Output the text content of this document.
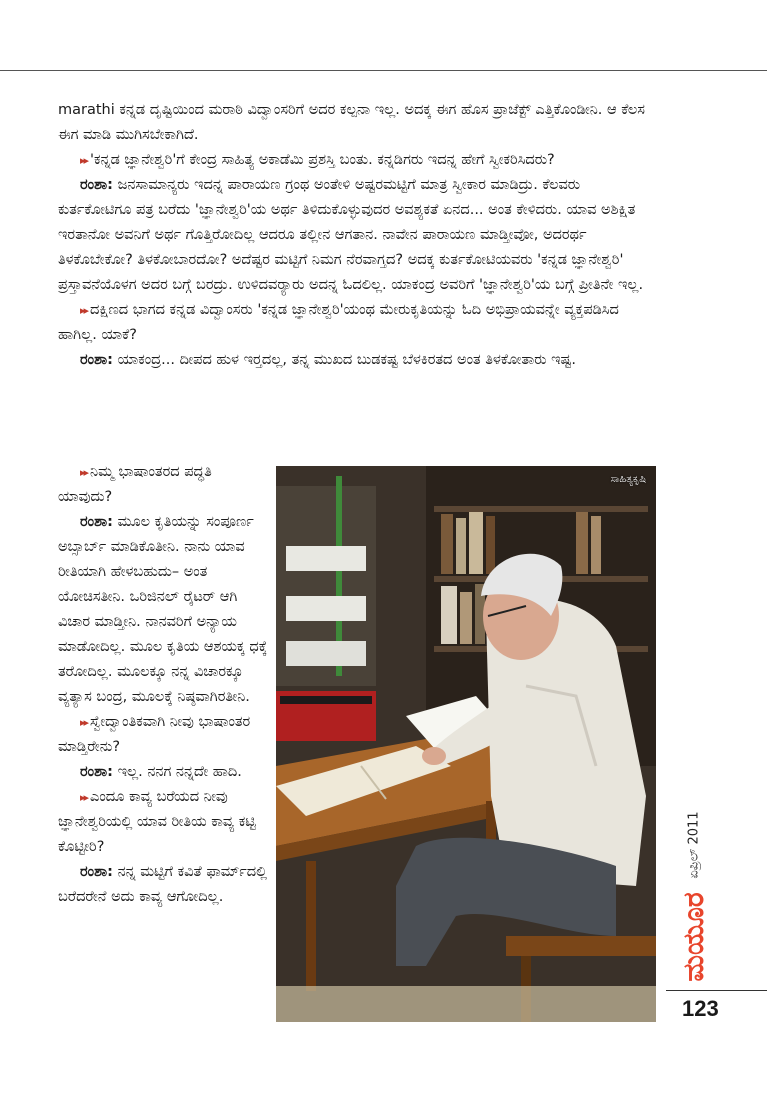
marathi ಕನ್ನಡ ದೃಷ್ಟಿಯಿಂದ ಮರಾಠಿ ವಿದ್ವಾಂಸರಿಗೆ ಅದರ ಕಲ್ಪನಾ ಇಲ್ಲ. ಅದಕ್ಕ ಈಗ ಹೊಸ ಪ್ರಾಜೆಕ್ಟ್ ಎತ್ತಿಕೊಂಡೀನಿ. ಆ ಕೆಲಸ ಈಗ ಮಾಡಿ ಮುಗಿಸಬೇಕಾಗಿದೆ.

▸▸ 'ಕನ್ನಡ ಜ್ಞಾನೇಶ್ವರಿ'ಗೆ ಕೇಂದ್ರ ಸಾಹಿತ್ಯ ಅಕಾಡೆಮಿ ಪ್ರಶಸ್ತಿ ಬಂತು. ಕನ್ನಡಿಗರು ಇದನ್ನ ಹೇಗೆ ಸ್ವೀಕರಿಸಿದರು?

ರಂಶಾ: ಜನಸಾಮಾನ್ಯರು ಇದನ್ನ ಪಾರಾಯಣ ಗ್ರಂಥ ಅಂತೇಳಿ ಅಷ್ಟರಮಟ್ಟಿಗೆ ಮಾತ್ರ ಸ್ವೀಕಾರ ಮಾಡಿದ್ರು. ಕೆಲವರು ಕುರ್ತಕೋಟಿಗೂ ಪತ್ರ ಬರೆದು 'ಜ್ಞಾನೇಶ್ವರಿ'ಯ ಅರ್ಥ ತಿಳಿದುಕೊಳ್ಳುವುದರ ಅವಶ್ಯಕತೆ ಏನದ... ಅಂತ ಕೇಳಿದರು. ಯಾವ ಅಶಿಕ್ಷಿತ ಇರತಾನೋ ಅವನಿಗೆ ಅರ್ಥ ಗೊತ್ತಿರೋದಿಲ್ಲ ಆದರೂ ತಲ್ಲೀನ ಆಗತಾನ. ನಾವೇನ ಪಾರಾಯಣ ಮಾಡ್ತೀವೋ, ಅದರರ್ಥ ತಿಳಕೊಬೇಕೋ? ತಿಳಕೋಬಾರದೋ? ಅದೆಷ್ಟರ ಮಟ್ಟಿಗೆ ನಿಮಗ ನೆರವಾಗ್ತದ? ಅದಕ್ಕ ಕುರ್ತಕೋಟಿಯವರು 'ಕನ್ನಡ ಜ್ಞಾನೇಶ್ವರಿ' ಪ್ರಸ್ತಾವನೆಯೊಳಗ ಅದರ ಬಗ್ಗೆ ಬರದ್ರು. ಉಳಿದವರ್‍ಯಾರು ಅದನ್ನ ಓದಲಿಲ್ಲ. ಯಾಕಂದ್ರ ಅವರಿಗೆ 'ಜ್ಞಾನೇಶ್ವರಿ'ಯ ಬಗ್ಗೆ ಪ್ರೀತಿನೇ ಇಲ್ಲ.

▸▸ ದಕ್ಷಿಣದ ಭಾಗದ ಕನ್ನಡ ವಿದ್ವಾಂಸರು 'ಕನ್ನಡ ಜ್ಞಾನೇಶ್ವರಿ'ಯಂಥ ಮೇರುಕೃತಿಯನ್ನು ಓದಿ ಅಭಿಪ್ರಾಯವನ್ನೇ ವ್ಯಕ್ತಪಡಿಸಿದ ಹಾಗಿಲ್ಲ. ಯಾಕೆ?

ರಂಶಾ: ಯಾಕಂದ್ರ... ದೀಪದ ಹುಳ ಇರ್‍ತದಲ್ಲ, ತನ್ನ ಮುಖದ ಬುಡಕಷ್ಟ ಬೆಳಕಿರತದ ಅಂತ ತಿಳಕೋತಾರು ಇಷ್ಟ.

▸▸ ನಿಮ್ಮ ಭಾಷಾಂತರದ ಪದ್ಧತಿ ಯಾವುದು?

ರಂಶಾ: ಮೂಲ ಕೃತಿಯನ್ನು ಸಂಪೂರ್ಣ ಅಬ್ಸಾರ್ಬ್ ಮಾಡಿಕೊತೀನಿ. ನಾನು ಯಾವ ರೀತಿಯಾಗಿ ಹೇಳಬಹುದು– ಅಂತ ಯೋಚಿಸತೀನಿ. ಒರಿಜಿನಲ್ ರೈಟರ್ ಆಗಿ ವಿಚಾರ ಮಾಡ್ತೀನಿ. ನಾನವರಿಗೆ ಅನ್ಯಾಯ ಮಾಡೋದಿಲ್ಲ. ಮೂಲ ಕೃತಿಯ ಆಶಯಕ್ಕ ಧಕ್ಕೆ ತರೋದಿಲ್ಲ. ಮೂಲಕ್ಕೂ ನನ್ನ ವಿಚಾರಕ್ಕೂ ವ್ಯತ್ಯಾಸ ಬಂದ್ರ, ಮೂಲಕ್ಕೆ ನಿಷ್ಠವಾಗಿರತೀನಿ.

▸▸ ಸ್ವೇದ್ವಾಂತಿಕವಾಗಿ ನೀವು ಭಾಷಾಂತರ ಮಾಡ್ತಿರೇನು?

ರಂಶಾ: ಇಲ್ಲ. ನನಗ ನನ್ನದೇ ಹಾದಿ.

▸▸ ಎಂದೂ ಕಾವ್ಯ ಬರೆಯದ ನೀವು ಜ್ಞಾನೇಶ್ವರಿಯಲ್ಲಿ ಯಾವ ರೀತಿಯ ಕಾವ್ಯ ಕಟ್ಟಿ ಕೊಟ್ಟೀರಿ?

ರಂಶಾ: ನನ್ನ ಮಟ್ಟಿಗೆ ಕವಿತೆ ಫಾರ್ಮ್‌ದಲ್ಲಿ ಬರೆದರೇನೆ ಅದು ಕಾವ್ಯ ಆಗೋದಿಲ್ಲ.

ಸಾಹಿತ್ಯಕೃಷಿ
ಏಪ್ರಿಲ್ 2011
ಮಯೂರ
123
